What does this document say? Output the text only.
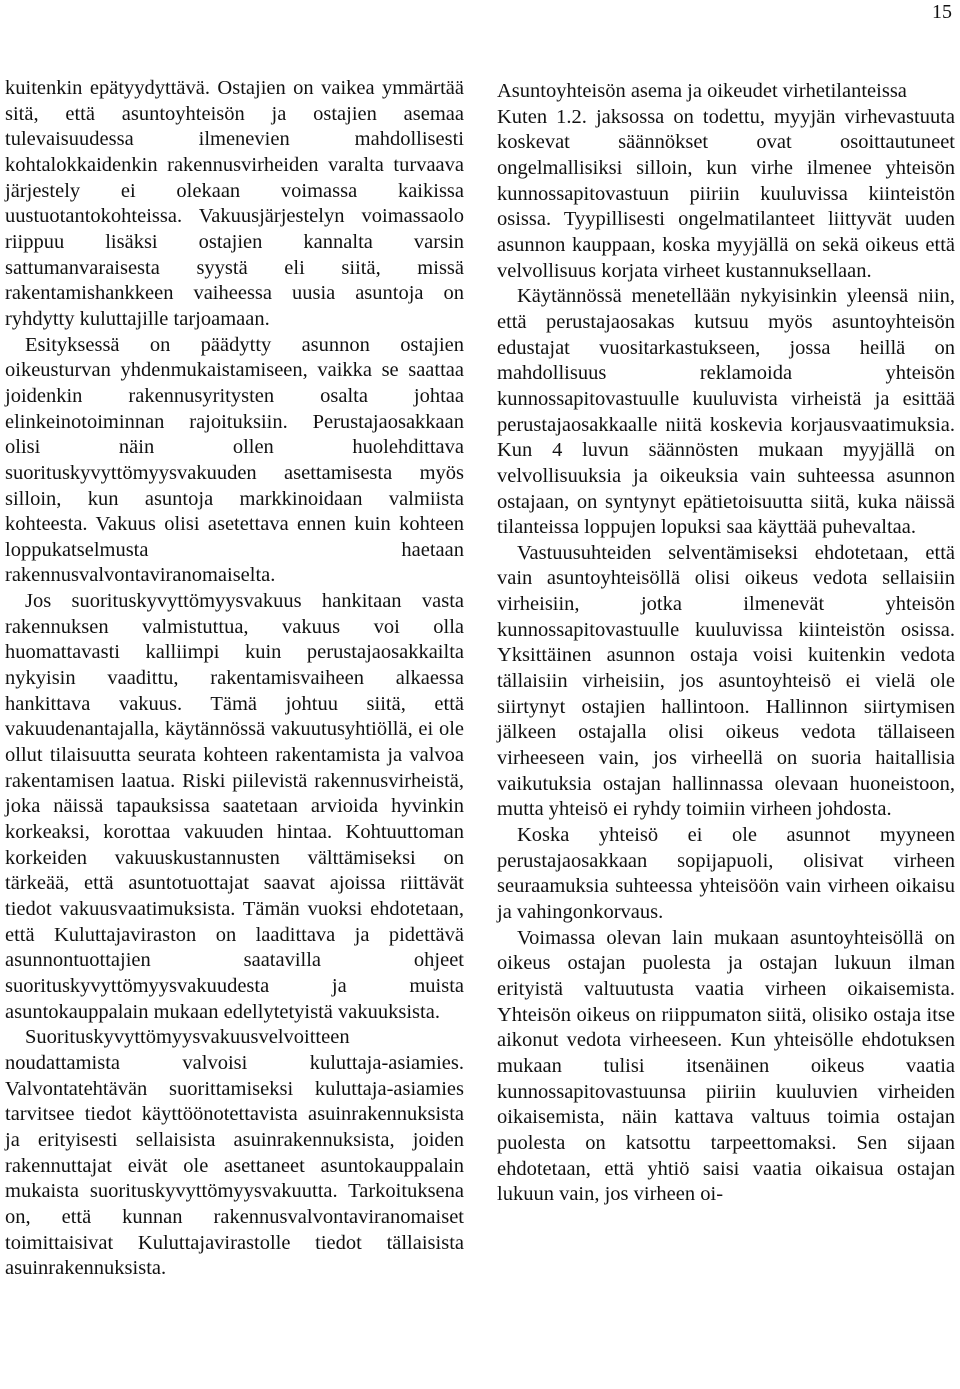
15

kuitenkin epätyydyttävä. Ostajien on vaikea ymmärtää sitä, että asuntoyhteisön ja ostajien asemaa tulevaisuudessa ilmenevien mahdollisesti kohtalokkaidenkin rakennusvirheiden varalta turvaava järjestely ei olekaan voimassa kaikissa uustuotantokohteissa. Vakuusjärjestelyn voimassaolo riippuu lisäksi ostajien kannalta varsin sattumanvaraisesta syystä eli siitä, missä rakentamishankkeen vaiheessa uusia asuntoja on ryhdytty kuluttajille tarjoamaan.

Esityksessä on päädytty asunnon ostajien oikeusturvan yhdenmukaistamiseen, vaikka se saattaa joidenkin rakennusyritysten osalta johtaa elinkeinotoiminnan rajoituksiin. Perustajaosakkaan olisi näin ollen huolehdittava suorituskyvyttömyysvakuuden asettamisesta myös silloin, kun asuntoja markkinoidaan valmiista kohteesta. Vakuus olisi asetettava ennen kuin kohteen loppukatselmusta haetaan rakennusvalvontaviranomaiselta.

Jos suorituskyvyttömyysvakuus hankitaan vasta rakennuksen valmistuttua, vakuus voi olla huomattavasti kalliimpi kuin perustajaosakkailta nykyisin vaadittu, rakentamisvaiheen alkaessa hankittava vakuus. Tämä johtuu siitä, että vakuudenantajalla, käytännössä vakuutusyhtiöllä, ei ole ollut tilaisuutta seurata kohteen rakentamista ja valvoa rakentamisen laatua. Riski piilevistä rakennusvirheistä, joka näissä tapauksissa saatetaan arvioida hyvinkin korkeaksi, korottaa vakuuden hintaa. Kohtuuttoman korkeiden vakuuskustannusten välttämiseksi on tärkeää, että asuntotuottajat saavat ajoissa riittävät tiedot vakuusvaatimuksista. Tämän vuoksi ehdotetaan, että Kuluttajaviraston on laadittava ja pidettävä asunnontuottajien saatavilla ohjeet suorituskyvyttömyysvakuudesta ja muista asuntokauppalain mukaan edellytetyistä vakuuksista.

Suorituskyvyttömyysvakuusvelvoitteen noudattamista valvoisi kuluttaja-asiamies. Valvontatehtävän suorittamiseksi kuluttaja-asiamies tarvitsee tiedot käyttöönotettavista asuinrakennuksista ja erityisesti sellaisista asuinrakennuksista, joiden rakennuttajat eivät ole asettaneet asuntokauppalain mukaista suorituskyvyttömyysvakuutta. Tarkoituksena on, että kunnan rakennusvalvontaviranomaiset toimittaisivat Kuluttajavirastolle tiedot tällaisista asuinrakennuksista.

Asuntoyhteisön asema ja oikeudet virhetilanteissa

Kuten 1.2. jaksossa on todettu, myyjän virhevastuuta koskevat säännökset ovat osoittautuneet ongelmallisiksi silloin, kun virhe ilmenee yhteisön kunnossapitovastuun piiriin kuuluvissa kiinteistön osissa. Tyypillisesti ongelmatilanteet liittyvät uuden asunnon kauppaan, koska myyjällä on sekä oikeus että velvollisuus korjata virheet kustannuksellaan.

Käytännössä menetellään nykyisinkin yleensä niin, että perustajaosakas kutsuu myös asuntoyhteisön edustajat vuositarkastukseen, jossa heillä on mahdollisuus reklamoida yhteisön kunnossapitovastuulle kuuluvista virheistä ja esittää perustajaosakkaalle niitä koskevia korjausvaatimuksia. Kun 4 luvun säännösten mukaan myyjällä on velvollisuuksia ja oikeuksia vain suhteessa asunnon ostajaan, on syntynyt epätietoisuutta siitä, kuka näissä tilanteissa loppujen lopuksi saa käyttää puhevaltaa.

Vastuusuhteiden selventämiseksi ehdotetaan, että vain asuntoyhteisöllä olisi oikeus vedota sellaisiin virheisiin, jotka ilmenevät yhteisön kunnossapitovastuulle kuuluvissa kiinteistön osissa. Yksittäinen asunnon ostaja voisi kuitenkin vedota tällaisiin virheisiin, jos asuntoyhteisö ei vielä ole siirtynyt ostajien hallintoon. Hallinnon siirtymisen jälkeen ostajalla olisi oikeus vedota tällaiseen virheeseen vain, jos virheellä on suoria haitallisia vaikutuksia ostajan hallinnassa olevaan huoneistoon, mutta yhteisö ei ryhdy toimiin virheen johdosta.

Koska yhteisö ei ole asunnot myyneen perustajaosakkaan sopijapuoli, olisivat virheen seuraamuksia suhteessa yhteisöön vain virheen oikaisu ja vahingonkorvaus.

Voimassa olevan lain mukaan asuntoyhteisöllä on oikeus ostajan puolesta ja ostajan lukuun ilman erityistä valtuutusta vaatia virheen oikaisemista. Yhteisön oikeus on riippumaton siitä, olisiko ostaja itse aikonut vedota virheeseen. Kun yhteisölle ehdotuksen mukaan tulisi itsenäinen oikeus vaatia kunnossapitovastuunsa piiriin kuuluvien virheiden oikaisemista, näin kattava valtuus toimia ostajan puolesta on katsottu tarpeettomaksi. Sen sijaan ehdotetaan, että yhtiö saisi vaatia oikaisua ostajan lukuun vain, jos virheen oi-
